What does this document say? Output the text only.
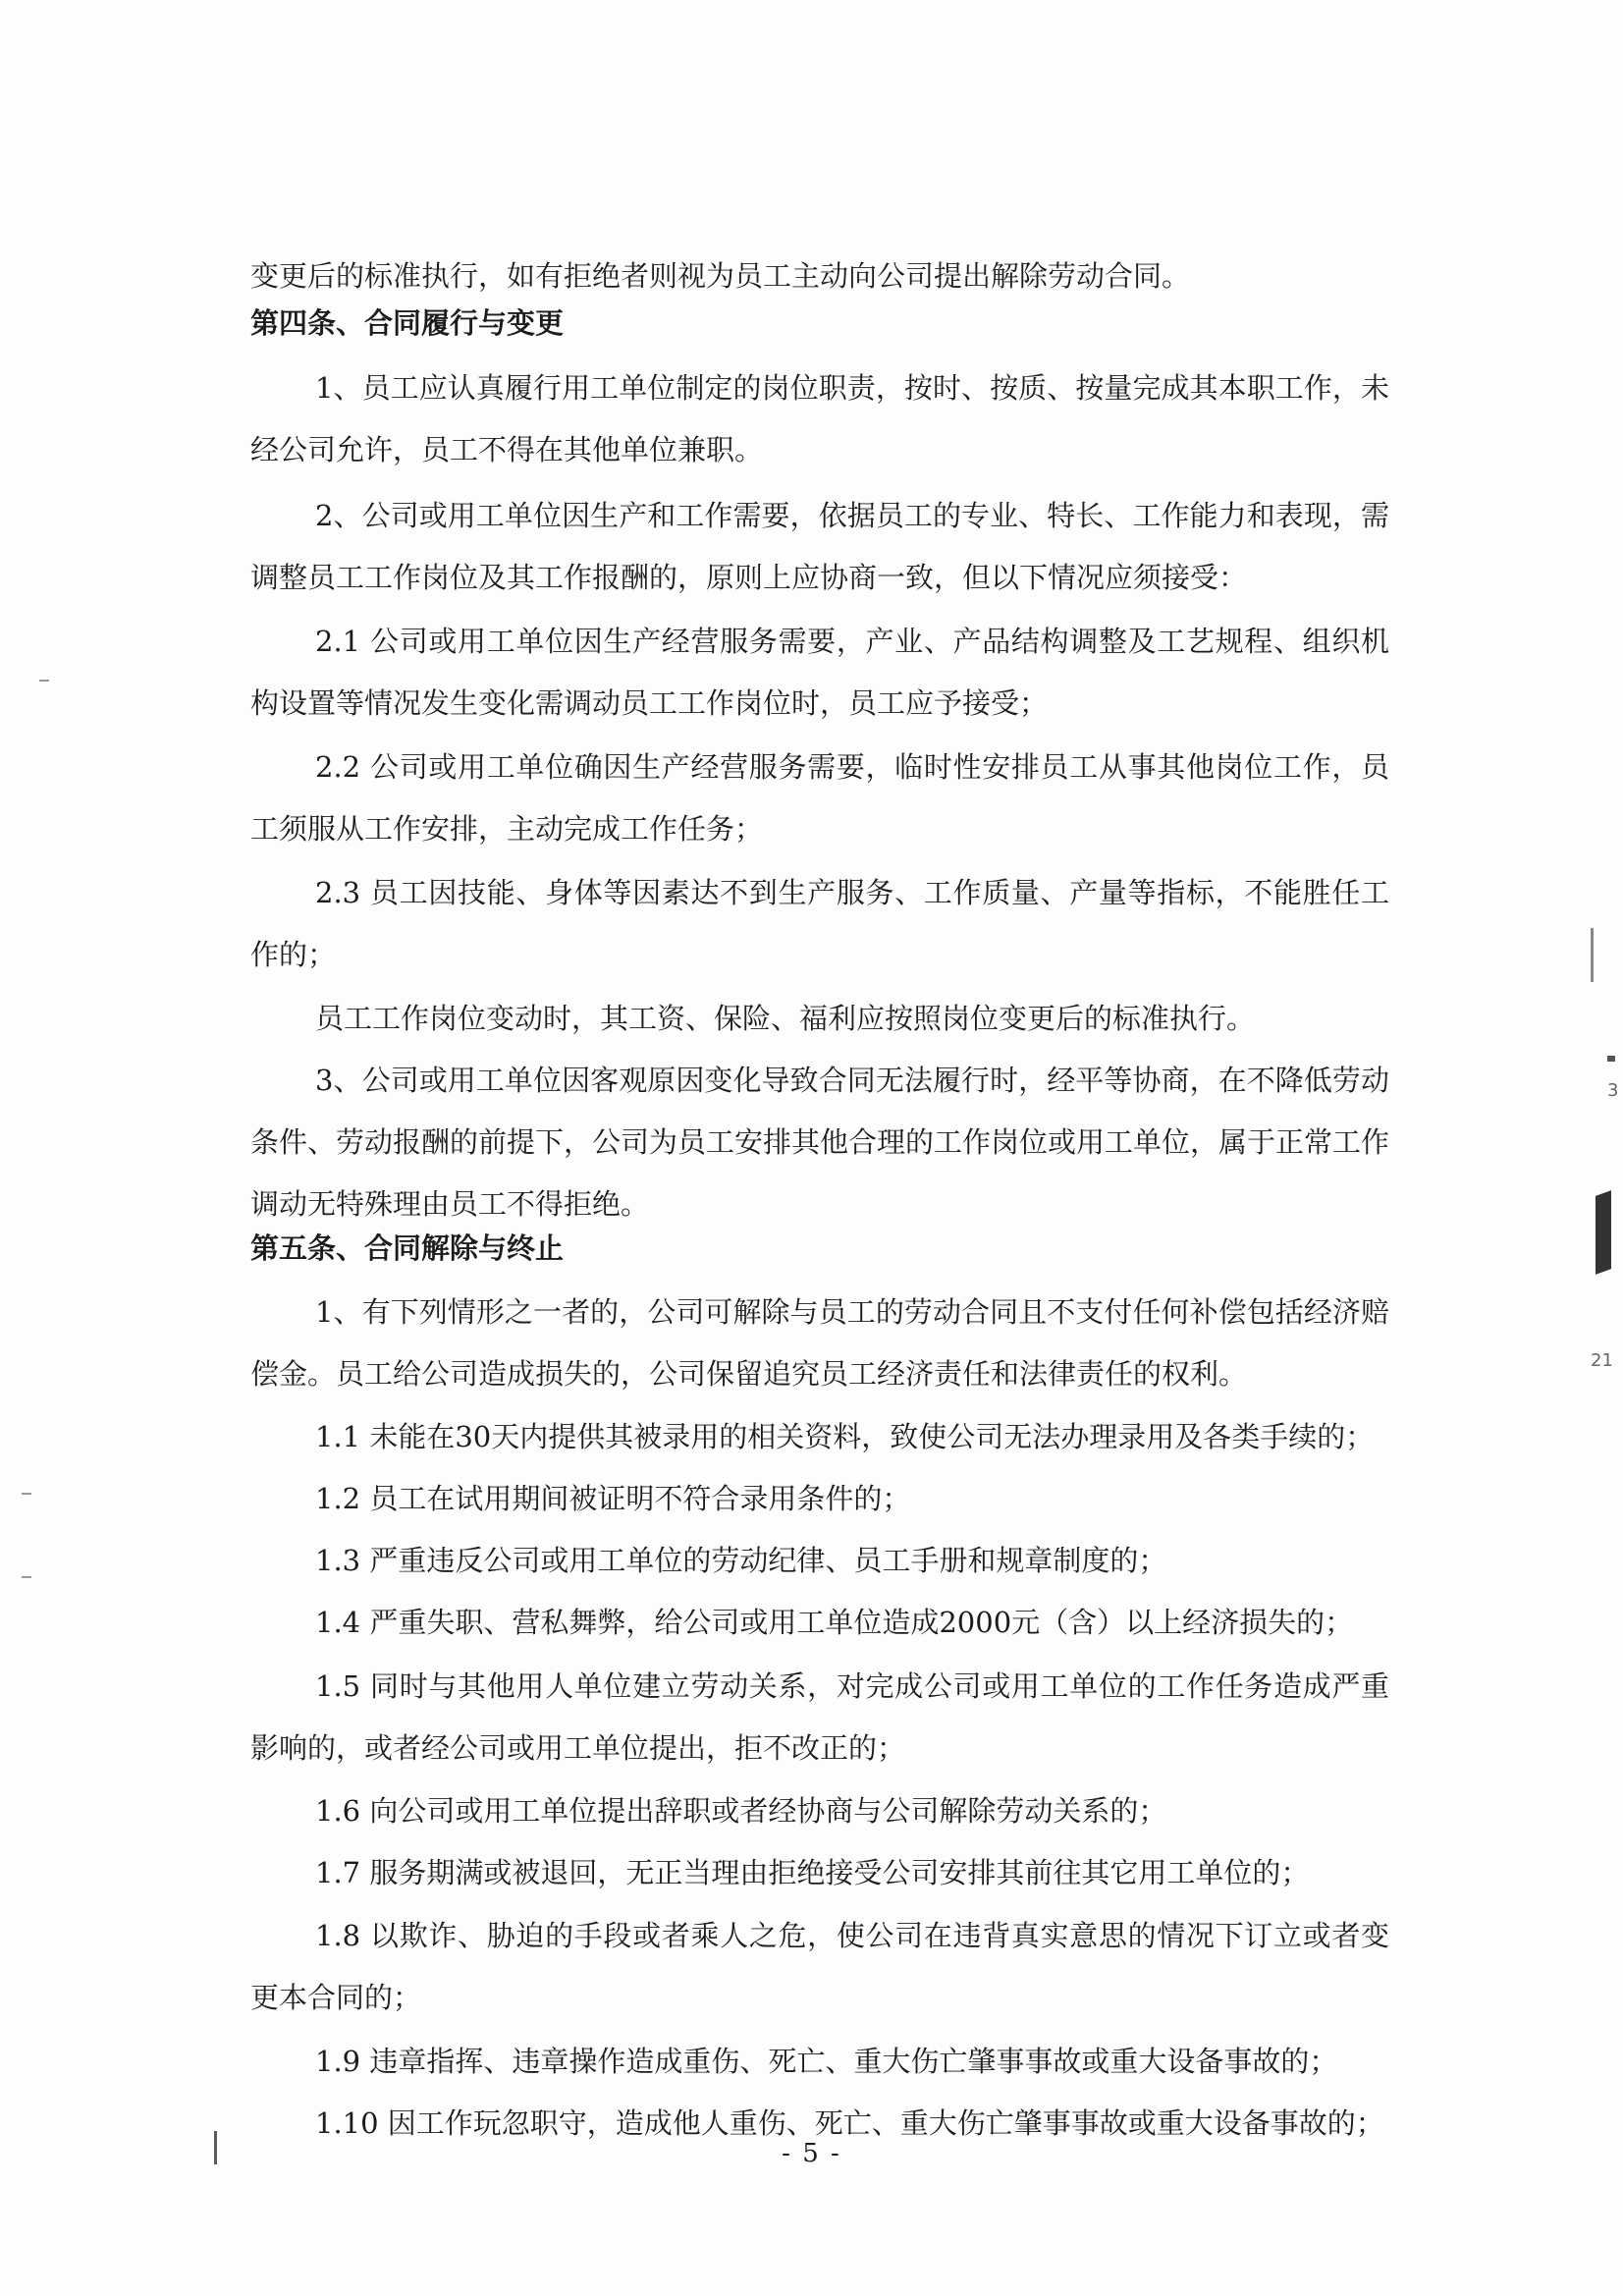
变更后的标准执行，如有拒绝者则视为员工主动向公司提出解除劳动合同。

第四条、合同履行与变更

1、员工应认真履行用工单位制定的岗位职责，按时、按质、按量完成其本职工作，未经公司允许，员工不得在其他单位兼职。

2、公司或用工单位因生产和工作需要，依据员工的专业、特长、工作能力和表现，需调整员工工作岗位及其工作报酬的，原则上应协商一致，但以下情况应须接受：

2.1 公司或用工单位因生产经营服务需要，产业、产品结构调整及工艺规程、组织机构设置等情况发生变化需调动员工工作岗位时，员工应予接受；

2.2 公司或用工单位确因生产经营服务需要，临时性安排员工从事其他岗位工作，员工须服从工作安排，主动完成工作任务；

2.3 员工因技能、身体等因素达不到生产服务、工作质量、产量等指标，不能胜任工作的；

员工工作岗位变动时，其工资、保险、福利应按照岗位变更后的标准执行。

3、公司或用工单位因客观原因变化导致合同无法履行时，经平等协商，在不降低劳动条件、劳动报酬的前提下，公司为员工安排其他合理的工作岗位或用工单位，属于正常工作调动无特殊理由员工不得拒绝。

第五条、合同解除与终止

1、有下列情形之一者的，公司可解除与员工的劳动合同且不支付任何补偿包括经济赔偿金。员工给公司造成损失的，公司保留追究员工经济责任和法律责任的权利。

1.1 未能在30天内提供其被录用的相关资料，致使公司无法办理录用及各类手续的；

1.2 员工在试用期间被证明不符合录用条件的；

1.3 严重违反公司或用工单位的劳动纪律、员工手册和规章制度的；

1.4 严重失职、营私舞弊，给公司或用工单位造成2000元（含）以上经济损失的；

1.5 同时与其他用人单位建立劳动关系，对完成公司或用工单位的工作任务造成严重影响的，或者经公司或用工单位提出，拒不改正的；

1.6 向公司或用工单位提出辞职或者经协商与公司解除劳动关系的；

1.7 服务期满或被退回，无正当理由拒绝接受公司安排其前往其它用工单位的；

1.8 以欺诈、胁迫的手段或者乘人之危，使公司在违背真实意思的情况下订立或者变更本合同的；

1.9 违章指挥、违章操作造成重伤、死亡、重大伤亡肇事事故或重大设备事故的；

1.10 因工作玩忽职守，造成他人重伤、死亡、重大伤亡肇事事故或重大设备事故的；

- 5 -
3
21
